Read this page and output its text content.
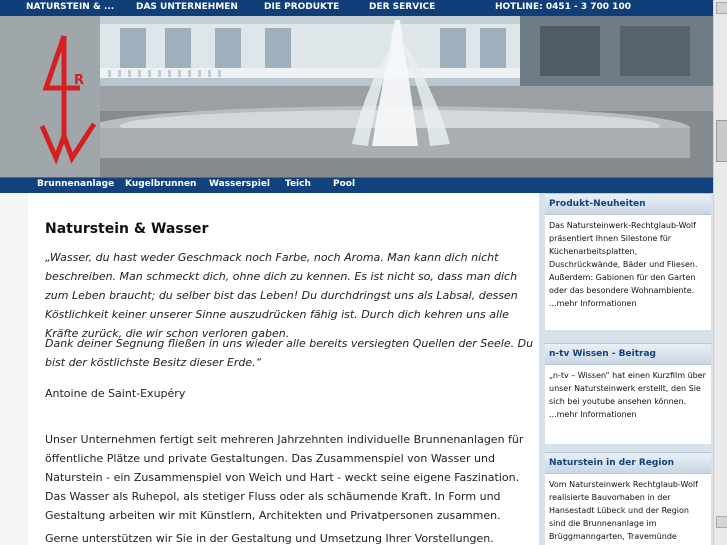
NATURSTEIN & ... DAS UNTERNEHMEN	DIE PRODUKTE	DER SERVICE	HOTLINE: 0451 - 3 700 100
R
Brunnenanlage Kugelbrunnen Wasserspiel Teich Pool
Naturstein & Wasser

„Wasser, du hast weder Geschmack noch Farbe, noch Aroma. Man kann dich nicht beschreiben. Man schmeckt dich, ohne dich zu kennen. Es ist nicht so, dass man dich zum Leben braucht; du selber bist das Leben! Du durchdringst uns als Labsal, dessen Köstlichkeit keiner unserer Sinne auszudrücken fähig ist. Durch dich kehren uns alle Kräfte zurück, die wir schon verloren gaben.

Dank deiner Segnung fließen in uns wieder alle bereits versiegten Quellen der Seele. Du bist der köstlichste Besitz dieser Erde.“

Antoine de Saint-Exupéry

Unser Unternehmen fertigt seit mehreren Jahrzehnten individuelle Brunnenanlagen für öffentliche Plätze und private Gestaltungen. Das Zusammenspiel von Wasser und Naturstein - ein Zusammenspiel von Weich und Hart - weckt seine eigene Faszination. Das Wasser als Ruhepol, als stetiger Fluss oder als schäumende Kraft. In Form und Gestaltung arbeiten wir mit Künstlern, Architekten und Privatpersonen zusammen.

Gerne unterstützen wir Sie in der Gestaltung und Umsetzung Ihrer Vorstellungen.

Produkt-Neuheiten
Das Natursteinwerk-Rechtglaub-Wolf präsentiert Ihnen Silestone für Küchenarbeitsplatten, Duschrückwände, Bäder und Fliesen. Außerdem: Gabionen für den Garten oder das besondere Wohnambiente.
...mehr Informationen
n-tv Wissen - Beitrag
„n-tv – Wissen“ hat einen Kurzfilm über unser Natursteinwerk erstellt, den Sie sich bei youtube ansehen können.
...mehr Informationen
Naturstein in der Region
Vom Natursteinwerk Rechtglaub-Wolf realisierte Bauvorhaben in der Hansestadt Lübeck und der Region sind die Brunnenanlage im Brüggmanngarten, Travemünde
